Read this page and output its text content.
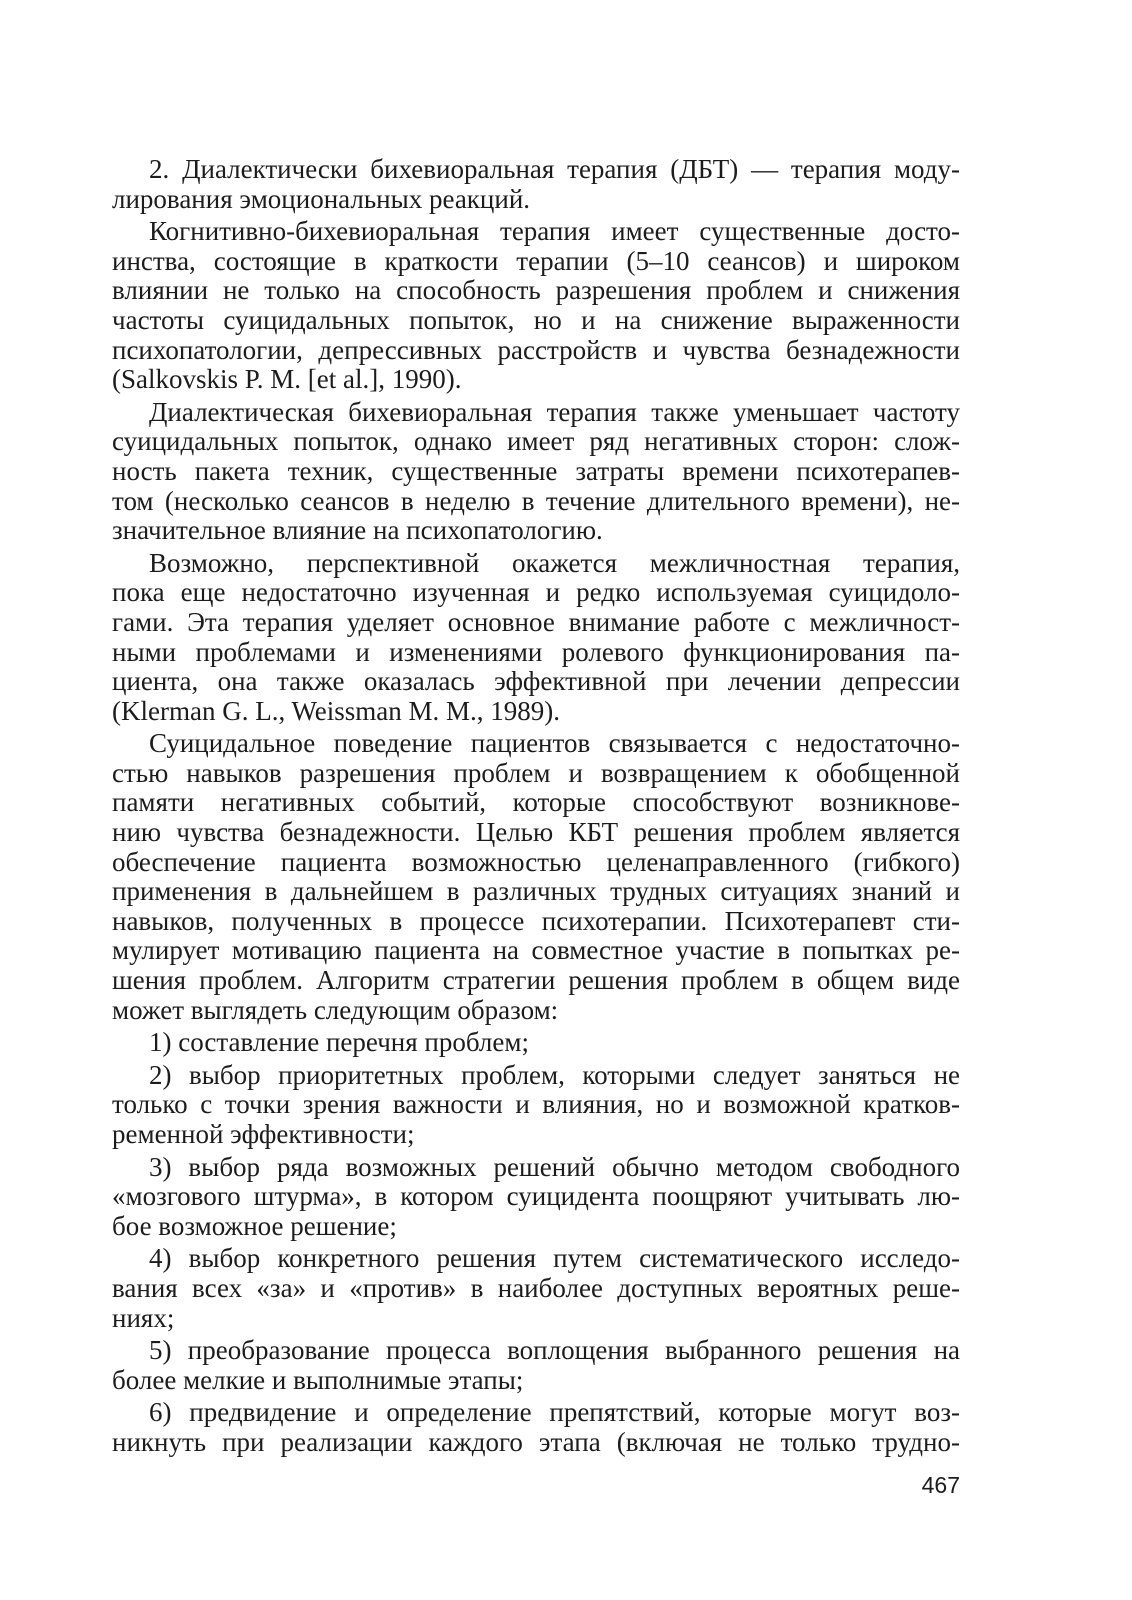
2. Диалектически бихевиоральная терапия (ДБТ) — терапия моду-
лирования эмоциональных реакций.
Когнитивно-бихевиоральная терапия имеет существенные досто-
инства, состоящие в краткости терапии (5–10 сеансов) и широком
влиянии не только на способность разрешения проблем и снижения
частоты суицидальных попыток, но и на снижение выраженности
психопатологии, депрессивных расстройств и чувства безнадежности
(Salkovskis P. M. [et al.], 1990).
Диалектическая бихевиоральная терапия также уменьшает частоту
суицидальных попыток, однако имеет ряд негативных сторон: слож-
ность пакета техник, существенные затраты времени психотерапев-
том (несколько сеансов в неделю в течение длительного времени), не-
значительное влияние на психопатологию.
Возможно, перспективной окажется межличностная терапия,
пока еще недостаточно изученная и редко используемая суицидоло-
гами. Эта терапия уделяет основное внимание работе с межличност-
ными проблемами и изменениями ролевого функционирования па-
циента, она также оказалась эффективной при лечении депрессии
(Klerman G. L., Weissman M. M., 1989).
Суицидальное поведение пациентов связывается с недостаточно-
стью навыков разрешения проблем и возвращением к обобщенной
памяти негативных событий, которые способствуют возникнове-
нию чувства безнадежности. Целью КБТ решения проблем является
обеспечение пациента возможностью целенаправленного (гибкого)
применения в дальнейшем в различных трудных ситуациях знаний и
навыков, полученных в процессе психотерапии. Психотерапевт сти-
мулирует мотивацию пациента на совместное участие в попытках ре-
шения проблем. Алгоритм стратегии решения проблем в общем виде
может выглядеть следующим образом:
1) составление перечня проблем;
2) выбор приоритетных проблем, которыми следует заняться не
только с точки зрения важности и влияния, но и возможной кратков-
ременной эффективности;
3) выбор ряда возможных решений обычно методом свободного
«мозгового штурма», в котором суицидента поощряют учитывать лю-
бое возможное решение;
4) выбор конкретного решения путем систематического исследо-
вания всех «за» и «против» в наиболее доступных вероятных реше-
ниях;
5) преобразование процесса воплощения выбранного решения на
более мелкие и выполнимые этапы;
6) предвидение и определение препятствий, которые могут воз-
никнуть при реализации каждого этапа (включая не только трудно-
467
